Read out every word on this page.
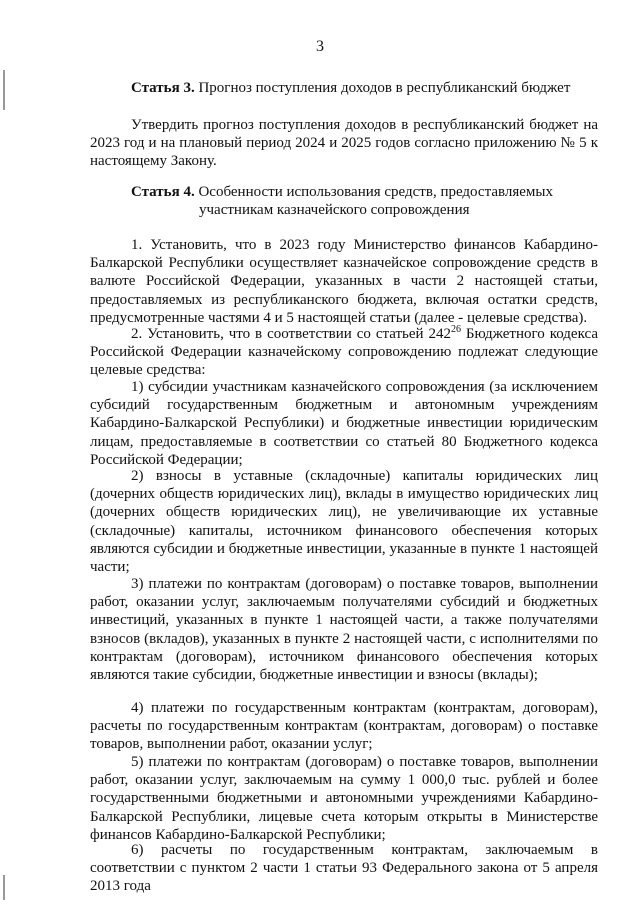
3
Статья 3. Прогноз поступления доходов в республиканский бюджет
Утвердить прогноз поступления доходов в республиканский бюджет на 2023 год и на плановый период 2024 и 2025 годов согласно приложению № 5 к настоящему Закону.
Статья 4. Особенности использования средств, предоставляемых
участникам казначейского сопровождения
1. Установить, что в 2023 году Министерство финансов Кабардино-Балкарской Республики осуществляет казначейское сопровождение средств в валюте Российской Федерации, указанных в части 2 настоящей статьи, предоставляемых из республиканского бюджета, включая остатки средств, предусмотренные частями 4 и 5 настоящей статьи (далее - целевые средства).
2. Установить, что в соответствии со статьей $242^{26}$ Бюджетного кодекса Российской Федерации казначейскому сопровождению подлежат следующие целевые средства:
1) субсидии участникам казначейского сопровождения (за исключением субсидий государственным бюджетным и автономным учреждениям Кабардино-Балкарской Республики) и бюджетные инвестиции юридическим лицам, предоставляемые в соответствии со статьей 80 Бюджетного кодекса Российской Федерации;
2) взносы в уставные (складочные) капиталы юридических лиц (дочерних обществ юридических лиц), вклады в имущество юридических лиц (дочерних обществ юридических лиц), не увеличивающие их уставные (складочные) капиталы, источником финансового обеспечения которых являются субсидии и бюджетные инвестиции, указанные в пункте 1 настоящей части;
3) платежи по контрактам (договорам) о поставке товаров, выполнении работ, оказании услуг, заключаемым получателями субсидий и бюджетных инвестиций, указанных в пункте 1 настоящей части, а также получателями взносов (вкладов), указанных в пункте 2 настоящей части, с исполнителями по контрактам (договорам), источником финансового обеспечения которых являются такие субсидии, бюджетные инвестиции и взносы (вклады);
4) платежи по государственным контрактам (контрактам, договорам), расчеты по государственным контрактам (контрактам, договорам) о поставке товаров, выполнении работ, оказании услуг;
5) платежи по контрактам (договорам) о поставке товаров, выполнении работ, оказании услуг, заключаемым на сумму 1 000,0 тыс. рублей и более государственными бюджетными и автономными учреждениями Кабардино-Балкарской Республики, лицевые счета которым открыты в Министерстве финансов Кабардино-Балкарской Республики;
6) расчеты по государственным контрактам, заключаемым в соответствии с пунктом 2 части 1 статьи 93 Федерального закона от 5 апреля 2013 года
